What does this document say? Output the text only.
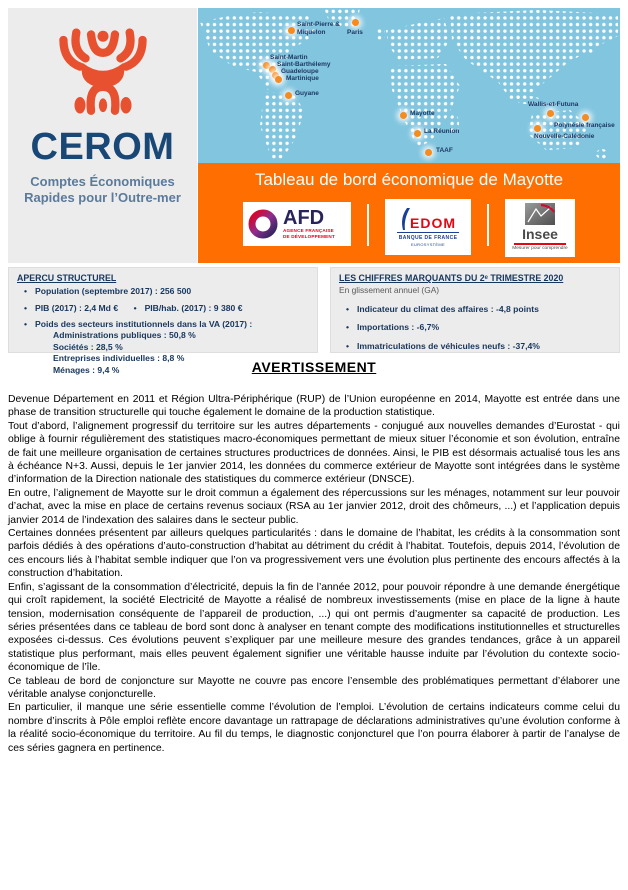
CEROM
Comptes Économiques
Rapides pour l’Outre-mer
Saint-Pierre & Miquelon	Paris
Saint-Martin
Saint-Barthélemy
Guadeloupe
Martinique
Guyane
Mayotte
La Réunion
TAAF
Wallis-et-Futuna
Polynésie française
Nouvelle-Calédonie
Tableau de bord économique de Mayotte
AFD
AGENCE FRANÇAISE
DE DÉVELOPPEMENT
EDOM
BANQUE DE FRANCE
EUROSYSTÈME
Insee
Mesurer pour comprendre
APERCU STRUCTUREL
• Population (septembre 2017) : 256 500
• PIB (2017) : 2,4 Md €	• PIB/hab. (2017) : 9 380 €
• Poids des secteurs institutionnels dans la VA (2017) :
Administrations publiques : 50,8 %
Sociétés : 28,5 %
Entreprises individuelles : 8,8 %
Ménages : 9,4 %
LES CHIFFRES MARQUANTS DU 2ᵉ TRIMESTRE 2020
En glissement annuel (GA)
• Indicateur du climat des affaires : -4,8 points
• Importations : -6,7%
• Immatriculations de véhicules neufs : -37,4%
AVERTISSEMENT

Devenue Département en 2011 et Région Ultra-Périphérique (RUP) de l’Union européenne en 2014, Mayotte est entrée dans une phase de transition structurelle qui touche également le domaine de la production statistique.

Tout d’abord, l’alignement progressif du territoire sur les autres départements - conjugué aux nouvelles demandes d’Eurostat - qui oblige à fournir régulièrement des statistiques macro-économiques permettant de mieux situer l’économie et son évolution, entraîne de fait une meilleure organisation de certaines structures productrices de données. Ainsi, le PIB est désormais actualisé tous les ans à échéance N+3. Aussi, depuis le 1er janvier 2014, les données du commerce extérieur de Mayotte sont intégrées dans le système d’information de la Direction nationale des statistiques du commerce extérieur (DNSCE).

En outre, l’alignement de Mayotte sur le droit commun a également des répercussions sur les ménages, notamment sur leur pouvoir d’achat, avec la mise en place de certains revenus sociaux (RSA au 1er janvier 2012, droit des chômeurs, ...) et l’application depuis janvier 2014 de l’indexation des salaires dans le secteur public.

Certaines données présentent par ailleurs quelques particularités : dans le domaine de l’habitat, les crédits à la consommation sont parfois dédiés à des opérations d’auto-construction d’habitat au détriment du crédit à l’habitat. Toutefois, depuis 2014, l’évolution de ces encours liés à l’habitat semble indiquer que l’on va progressivement vers une évolution plus pertinente des encours affectés à la construction d’habitation.

Enfin, s’agissant de la consommation d’électricité, depuis la fin de l’année 2012, pour pouvoir répondre à une demande énergétique qui croît rapidement, la société Electricité de Mayotte a réalisé de nombreux investissements (mise en place de la ligne à haute tension, modernisation conséquente de l’appareil de production, ...) qui ont permis d’augmenter sa capacité de production. Les séries présentées dans ce tableau de bord sont donc à analyser en tenant compte des modifications institutionnelles et structurelles exposées ci-dessus. Ces évolutions peuvent s’expliquer par une meilleure mesure des grandes tendances, grâce à un appareil statistique plus performant, mais elles peuvent également signifier une véritable hausse induite par l’évolution du contexte socio-économique de l’île.

Ce tableau de bord de conjoncture sur Mayotte ne couvre pas encore l’ensemble des problématiques permettant d’élaborer une véritable analyse conjoncturelle.

En particulier, il manque une série essentielle comme l’évolution de l’emploi. L’évolution de certains indicateurs comme celui du nombre d’inscrits à Pôle emploi reflète encore davantage un rattrapage de déclarations administratives qu’une évolution conforme à la réalité socio-économique du territoire. Au fil du temps, le diagnostic conjoncturel que l’on pourra élaborer à partir de l’analyse de ces séries gagnera en pertinence.
